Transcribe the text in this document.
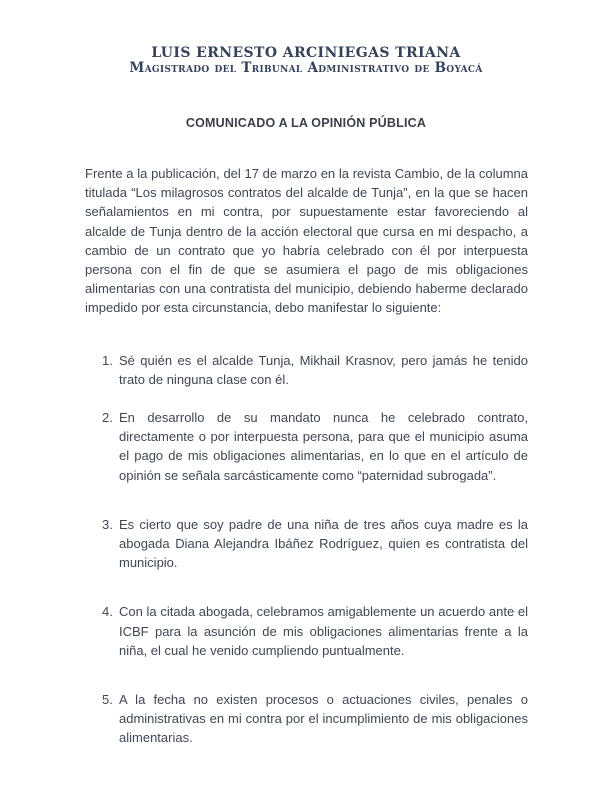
LUIS ERNESTO ARCINIEGAS TRIANA
Magistrado del Tribunal Administrativo de Boyacá
COMUNICADO A LA OPINIÓN PÚBLICA

Frente a la publicación, del 17 de marzo en la revista Cambio, de la columna titulada “Los milagrosos contratos del alcalde de Tunja”, en la que se hacen señalamientos en mi contra, por supuestamente estar favoreciendo al alcalde de Tunja dentro de la acción electoral que cursa en mi despacho, a cambio de un contrato que yo habría celebrado con él por interpuesta persona con el fin de que se asumiera el pago de mis obligaciones alimentarias con una contratista del municipio, debiendo haberme declarado impedido por esta circunstancia, debo manifestar lo siguiente:

1. Sé quién es el alcalde Tunja, Mikhail Krasnov, pero jamás he tenido trato de ninguna clase con él.
2. En desarrollo de su mandato nunca he celebrado contrato, directamente o por interpuesta persona, para que el municipio asuma el pago de mis obligaciones alimentarias, en lo que en el artículo de opinión se señala sarcásticamente como “paternidad subrogada”.
3. Es cierto que soy padre de una niña de tres años cuya madre es la abogada Diana Alejandra Ibáñez Rodríguez, quien es contratista del municipio.
4. Con la citada abogada, celebramos amigablemente un acuerdo ante el ICBF para la asunción de mis obligaciones alimentarias frente a la niña, el cual he venido cumpliendo puntualmente.
5. A la fecha no existen procesos o actuaciones civiles, penales o administrativas en mi contra por el incumplimiento de mis obligaciones alimentarias.
